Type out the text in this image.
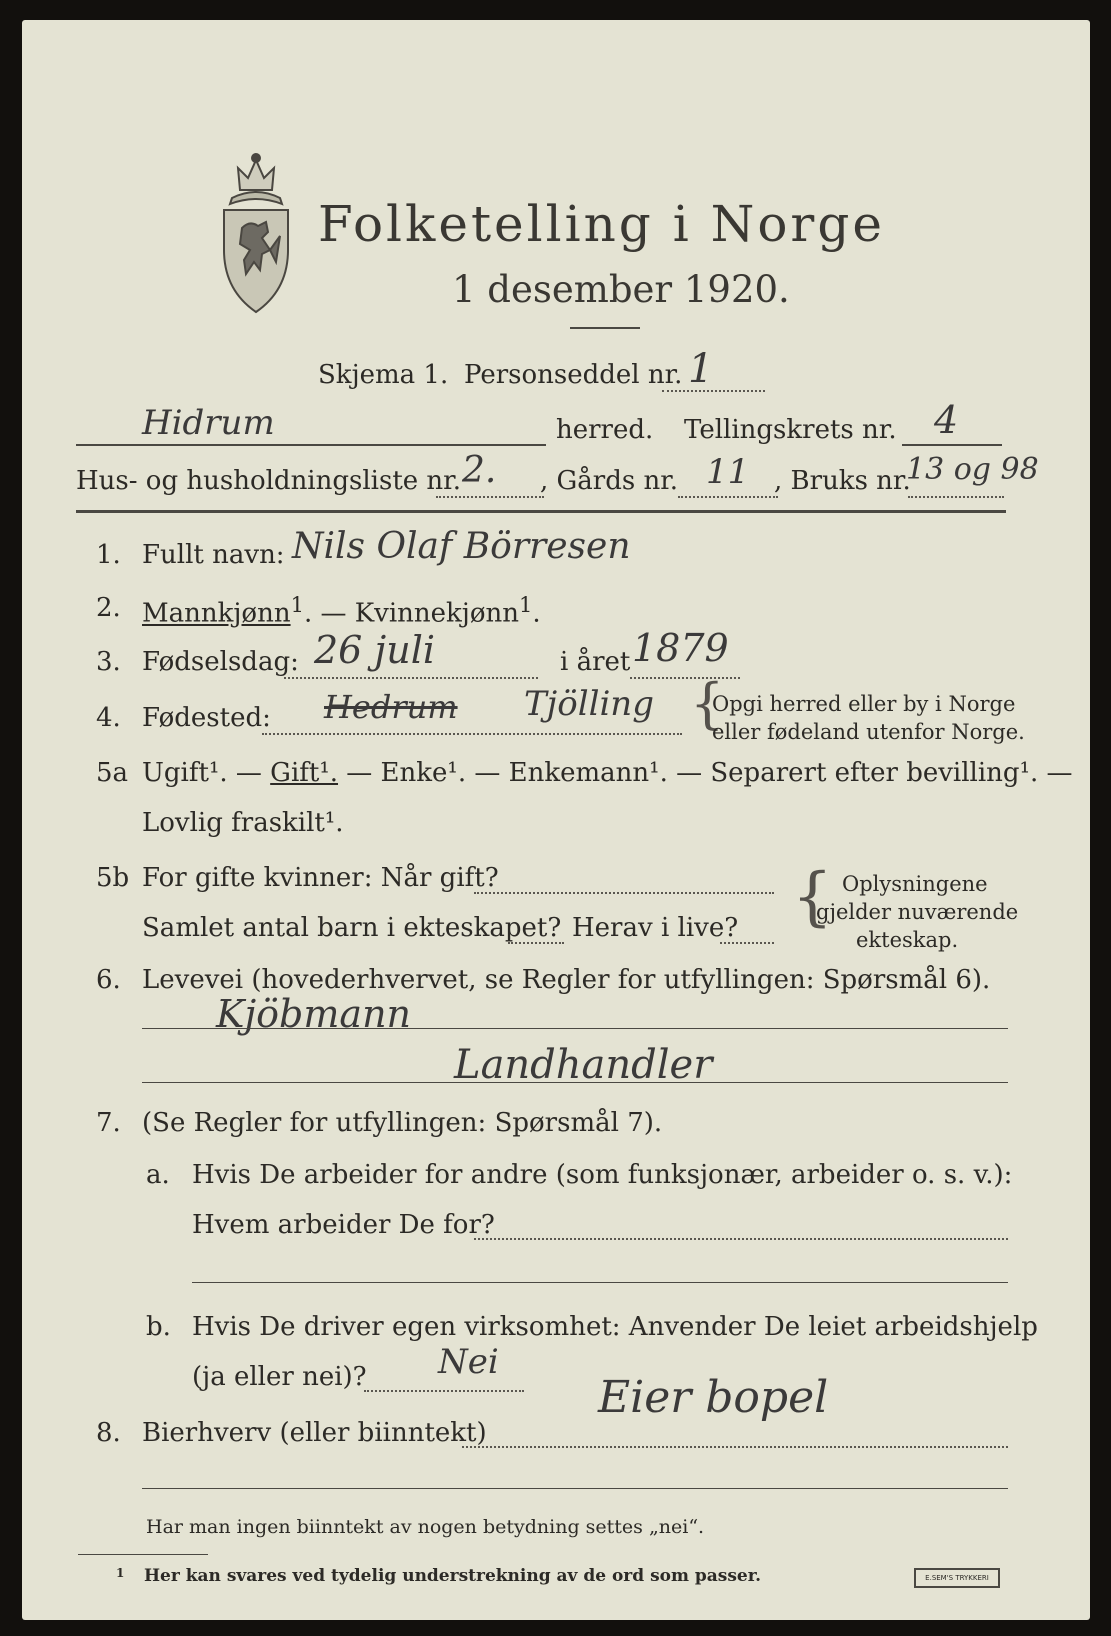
Folketelling i Norge
1 desember 1920.
Skjema 1. Personseddel nr. 1
Hidrum	herred. Tellingskrets nr. 4
Hus- og husholdningsliste nr. 2. , Gårds nr. 11 , Bruks nr.
13 og 98
1. Fullt navn: Nils Olaf Börresen
2. Mannkjønn$^1$. — Kvinnekjønn$^1$.
3. Fødselsdag: 26 juli	i året 1879
4. Fødested: Hedrum Tjölling {
Opgi herred eller by i Norge
eller fødeland utenfor Norge.
5a Ugift¹. — Gift¹. — Enke¹. — Enkemann¹. — Separert efter bevilling¹. —
Lovlig fraskilt¹.
5b For gifte kvinner: Når gift?
Samlet antal barn i ekteskapet? Herav i live? { Oplysningene
gjelder nuværende
ekteskap.
6. Levevei (hovederhvervet, se Regler for utfyllingen: Spørsmål 6).
Kjöbmann
Landhandler
7. (Se Regler for utfyllingen: Spørsmål 7).
a. Hvis De arbeider for andre (som funksjonær, arbeider o. s. v.):
Hvem arbeider De for?
b. Hvis De driver egen virksomhet: Anvender De leiet arbeidshjelp
(ja eller nei)? Nei
8. Bierhverv (eller biinntekt)
Eier bopel
Har man ingen biinntekt av nogen betydning settes „nei“.
1 Her kan svares ved tydelig understrekning av de ord som passer.	E.SEM'S TRYKKERI
